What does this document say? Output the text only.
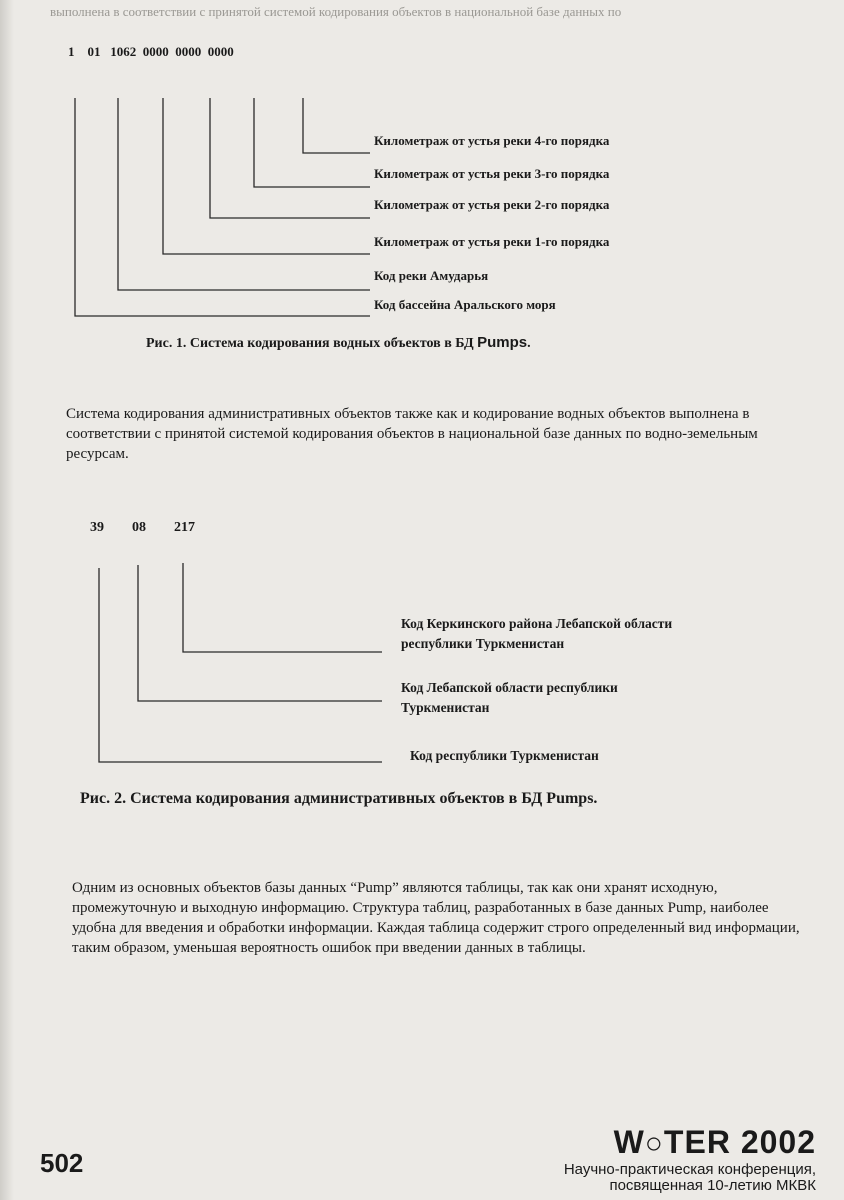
выполнена в соответствии с принятой системой кодирования объектов в национальной базе данных по
1    01   1062  0000  0000  0000
Километраж от устья реки 4-го порядка
Километраж от устья реки 3-го порядка
Километраж от устья реки 2-го порядка
Километраж от устья реки 1-го порядка
Код реки Амударья
Код бассейна Аральского моря
Рис. 1. Система кодирования водных объектов в БД Pumps.
Система кодирования административных объектов также как и кодирование водных объектов выполнена в соответствии с принятой системой кодирования объектов в национальной базе данных по водно-земельным ресурсам.
39        08        217
Код Керкинского района Лебапской области республики Туркменистан
Код Лебапской области республики Туркменистан
Код республики Туркменистан
Рис. 2. Система кодирования административных объектов в БД Pumps.
Одним из основных объектов базы данных “Pump” являются таблицы, так как они хранят исходную, промежуточную и выходную информацию. Структура таблиц, разработанных в базе данных Pump, наиболее удобна для введения и обработки информации. Каждая таблица содержит строго определенный вид информации, таким образом, уменьшая вероятность ошибок при введении данных в таблицы.
502
W○TER 2002
Научно-практическая конференция,
посвященная 10-летию МКВК
